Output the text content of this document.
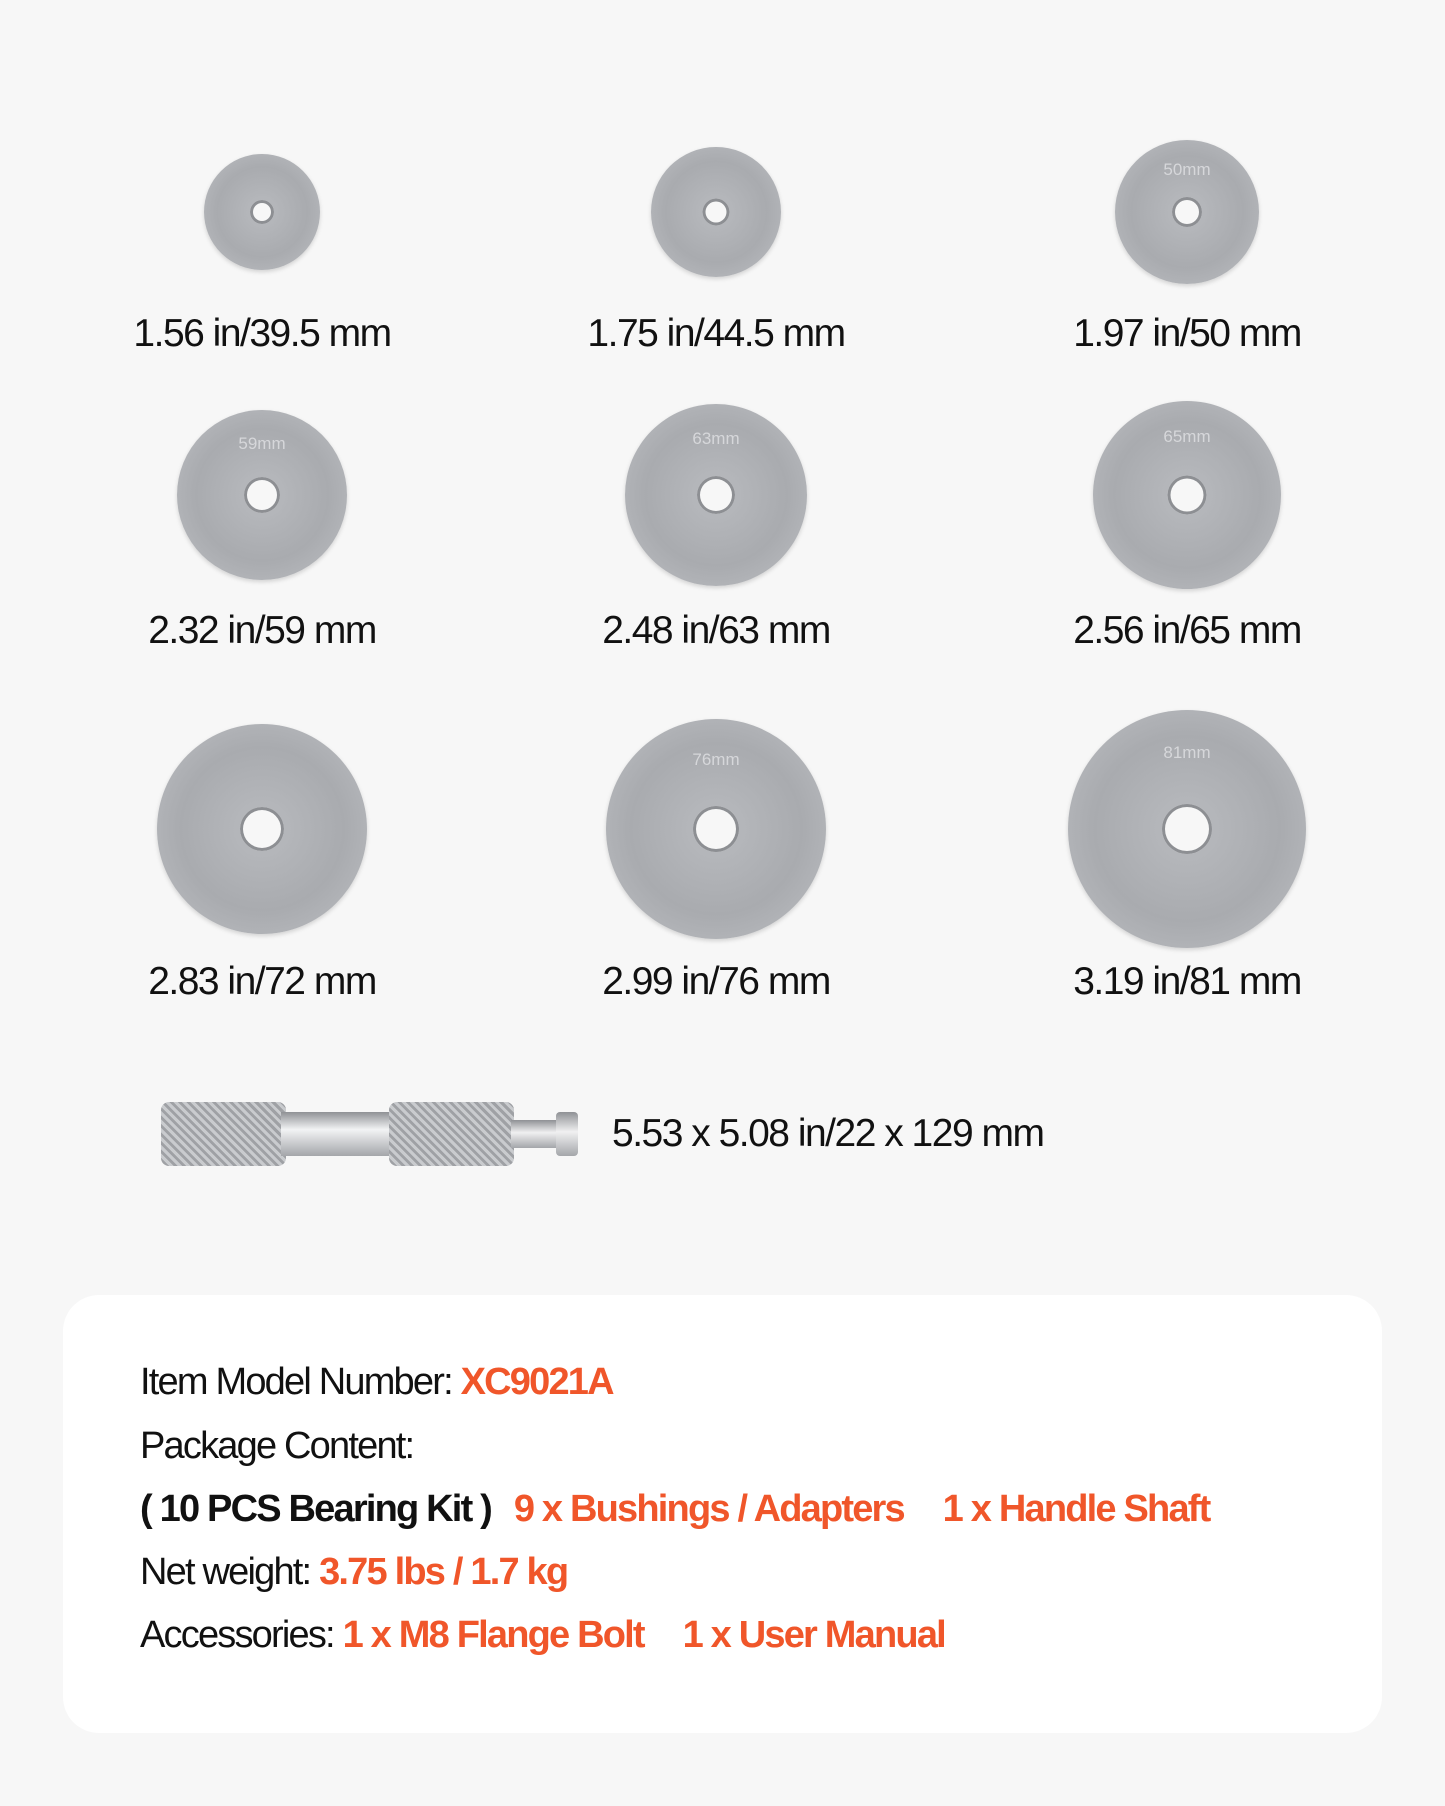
1.56 in/39.5 mm	1.75 in/44.5 mm
50mm
1.97 in/50 mm
59mm
2.32 in/59 mm
63mm
2.48 in/63 mm
65mm
2.56 in/65 mm
2.83 in/72 mm
76mm
2.99 in/76 mm
81mm
3.19 in/81 mm
5.53 x 5.08 in/22 x 129 mm
Item Model Number: XC9021A
Package Content:
( 10 PCS Bearing Kit ) 9 x Bushings / Adapters 1 x Handle Shaft
Net weight: 3.75 lbs / 1.7 kg
Accessories: 1 x M8 Flange Bolt 1 x User Manual
